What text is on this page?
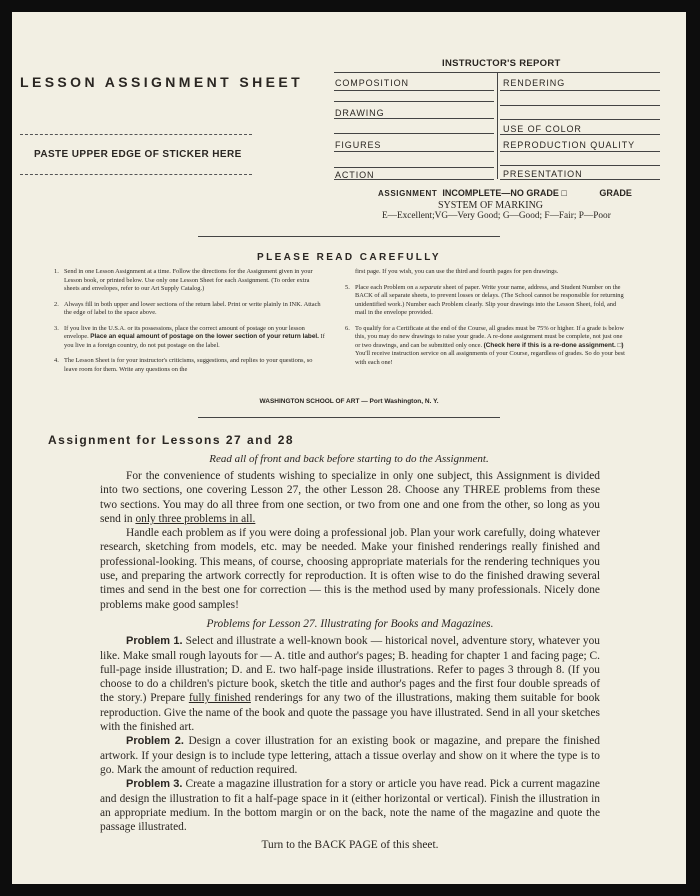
LESSON ASSIGNMENT SHEET
PASTE UPPER EDGE OF STICKER HERE
INSTRUCTOR'S REPORT
COMPOSITION
DRAWING
FIGURES
ACTION
RENDERING
USE OF COLOR
REPRODUCTION QUALITY
PRESENTATION
ASSIGNMENT INCOMPLETE—NO GRADE □	GRADE
SYSTEM OF MARKING
E—Excellent;VG—Very Good; G—Good; F—Fair; P—Poor
PLEASE READ CAREFULLY

1. Send in one Lesson Assignment at a time. Follow the directions for the Assignment given in your Lesson book, or printed below. Use only one Lesson Sheet for each Assignment. (To order extra sheets and envelopes, refer to our Art Supply Catalog.)

2. Always fill in both upper and lower sections of the return label. Print or write plainly in INK. Attach the edge of label to the space above.

3. If you live in the U.S.A. or its possessions, place the correct amount of postage on your lesson envelope. Place an equal amount of postage on the lower section of your return label. If you live in a foreign country, do not put postage on the label.

4. The Lesson Sheet is for your instructor's criticisms, suggestions, and replies to your questions, so leave room for them. Write any questions on the

first page. If you wish, you can use the third and fourth pages for pen drawings.

5. Place each Problem on a separate sheet of paper. Write your name, address, and Student Number on the BACK of all separate sheets, to prevent losses or delays. (The School cannot be responsible for returning unidentified work.) Number each Problem clearly. Slip your drawings into the Lesson Sheet, fold, and mail in the envelope provided.

6. To qualify for a Certificate at the end of the Course, all grades must be 75% or higher. If a grade is below this, you may do new drawings to raise your grade. A re-done assignment must be complete, not just one or two drawings, and can be submitted only once. (Check here if this is a re-done assignment. □) You'll receive instruction service on all assignments of your Course, regardless of grades. So do your best with each one!

WASHINGTON SCHOOL OF ART — Port Washington, N. Y.
Assignment for Lessons 27 and 28
Read all of front and back before starting to do the Assignment.

For the convenience of students wishing to specialize in only one subject, this Assignment is divided into two sections, one covering Lesson 27, the other Lesson 28. Choose any THREE problems from these two sections. You may do all three from one section, or two from one and one from the other, so long as you send in only three problems in all.

Handle each problem as if you were doing a professional job. Plan your work carefully, doing whatever research, sketching from models, etc. may be needed. Make your finished renderings really finished and professional-looking. This means, of course, choosing appropriate materials for the rendering techniques you use, and preparing the artwork correctly for reproduction. It is often wise to do the finished drawing several times and send in the best one for correction — this is the method used by many professionals. Nicely done problems make good samples!

Problems for Lesson 27. Illustrating for Books and Magazines.

Problem 1. Select and illustrate a well-known book — historical novel, adventure story, whatever you like. Make small rough layouts for — A. title and author's pages; B. heading for chapter 1 and facing page; C. full-page inside illustration; D. and E. two half-page inside illustrations. Refer to pages 3 through 8. (If you choose to do a children's picture book, sketch the title and author's pages and the first four double spreads of the story.) Prepare fully finished renderings for any two of the illustrations, making them suitable for book reproduction. Give the name of the book and quote the passage you have illustrated. Send in all your sketches with the finished art.

Problem 2. Design a cover illustration for an existing book or magazine, and prepare the finished artwork. If your design is to include type lettering, attach a tissue overlay and show on it where the type is to go. Mark the amount of reduction required.

Problem 3. Create a magazine illustration for a story or article you have read. Pick a current magazine and design the illustration to fit a half-page space in it (either horizontal or vertical). Finish the illustration in an appropriate medium. In the bottom margin or on the back, note the name of the magazine and quote the passage illustrated.

Turn to the BACK PAGE of this sheet.
